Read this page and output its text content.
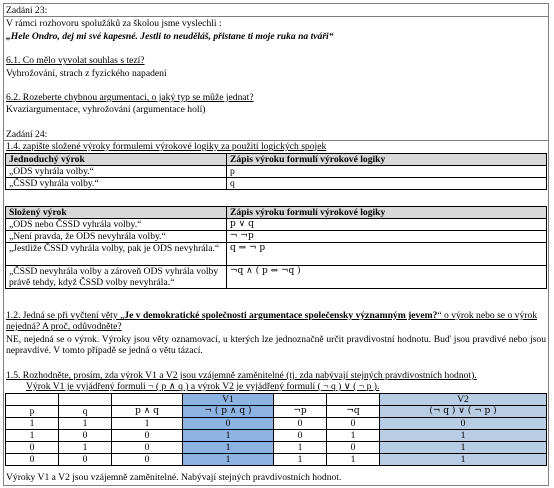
Zadání 23:
V rámci rozhovoru spolužáků za školou jsme vyslechli :
„Hele Ondro, dej mi své kapesné. Jestli to neuděláš, přistane ti moje ruka na tváři“
6.1. Co mělo vyvolat souhlas s tezí?
Vyhrožování, strach z fyzického napadení
6.2. Rozeberte chybnou argumentaci, o jaký typ se může jednat?
Kvaziargumentace, vyhrožování (argumentace holí)
Zadání 24:
1.4. zapište složené výroky formulemi výrokové logiky za použití logických spojek
Jednoduchý výrok	Zápis výroku formulí výrokové logiky
„ODS vyhrála volby.“	p
„ČSSD vyhrála volby.“	q
Složený výrok	Zápis výroku formulí výrokové logiky
„ODS nebo ČSSD vyhrála volby.“	p ∨ q
„Není pravda, že ODS nevyhrála volby.“	¬ ¬p
„Jestliže ČSSD vyhrála volby, pak je ODS nevyhrála.“	q ⇒ ¬ p
„ČSSD nevyhrála volby a zároveň ODS vyhrála volby právě tehdy, když ČSSD volby nevyhrála.“	¬q ∧ ( p ⇔ ¬q )
1.2. Jedná se při vyčtení věty „Je v demokratické společnosti argumentace společensky významným jevem?“ o výrok nebo se o výrok nejedná? A proč, odůvodněte?
NE, nejedná se o výrok. Výroky jsou věty oznamovací, u kterých lze jednoznačně určit pravdivostní hodnotu. Buď jsou pravdivé nebo jsou nepravdivé. V tomto případě se jedná o větu tázací.
1.5. Rozhodněte, prosím, zda výrok V1 a V2 jsou vzájemně zaměnitelné (tj. zda nabývají stejných pravdivostních hodnot).
Výrok V1 je vyjádřený formulí ¬ ( p ∧ q ) a výrok V2 je vyjádřený formulí ( ¬ q ) ∨ ( ¬ p ).
			V1			V2
p	q	p ∧ q	¬ ( p ∧ q )	¬p	¬q	(¬ q ) ∨ ( ¬ p )
1	1	1	0	0	0	0
1	0	0	1	0	1	1
0	1	0	1	1	0	1
0	0	0	1	1	1	1
Výroky V1 a V2 jsou vzájemně zaměnitelné. Nabývají stejných pravdivostních hodnot.
